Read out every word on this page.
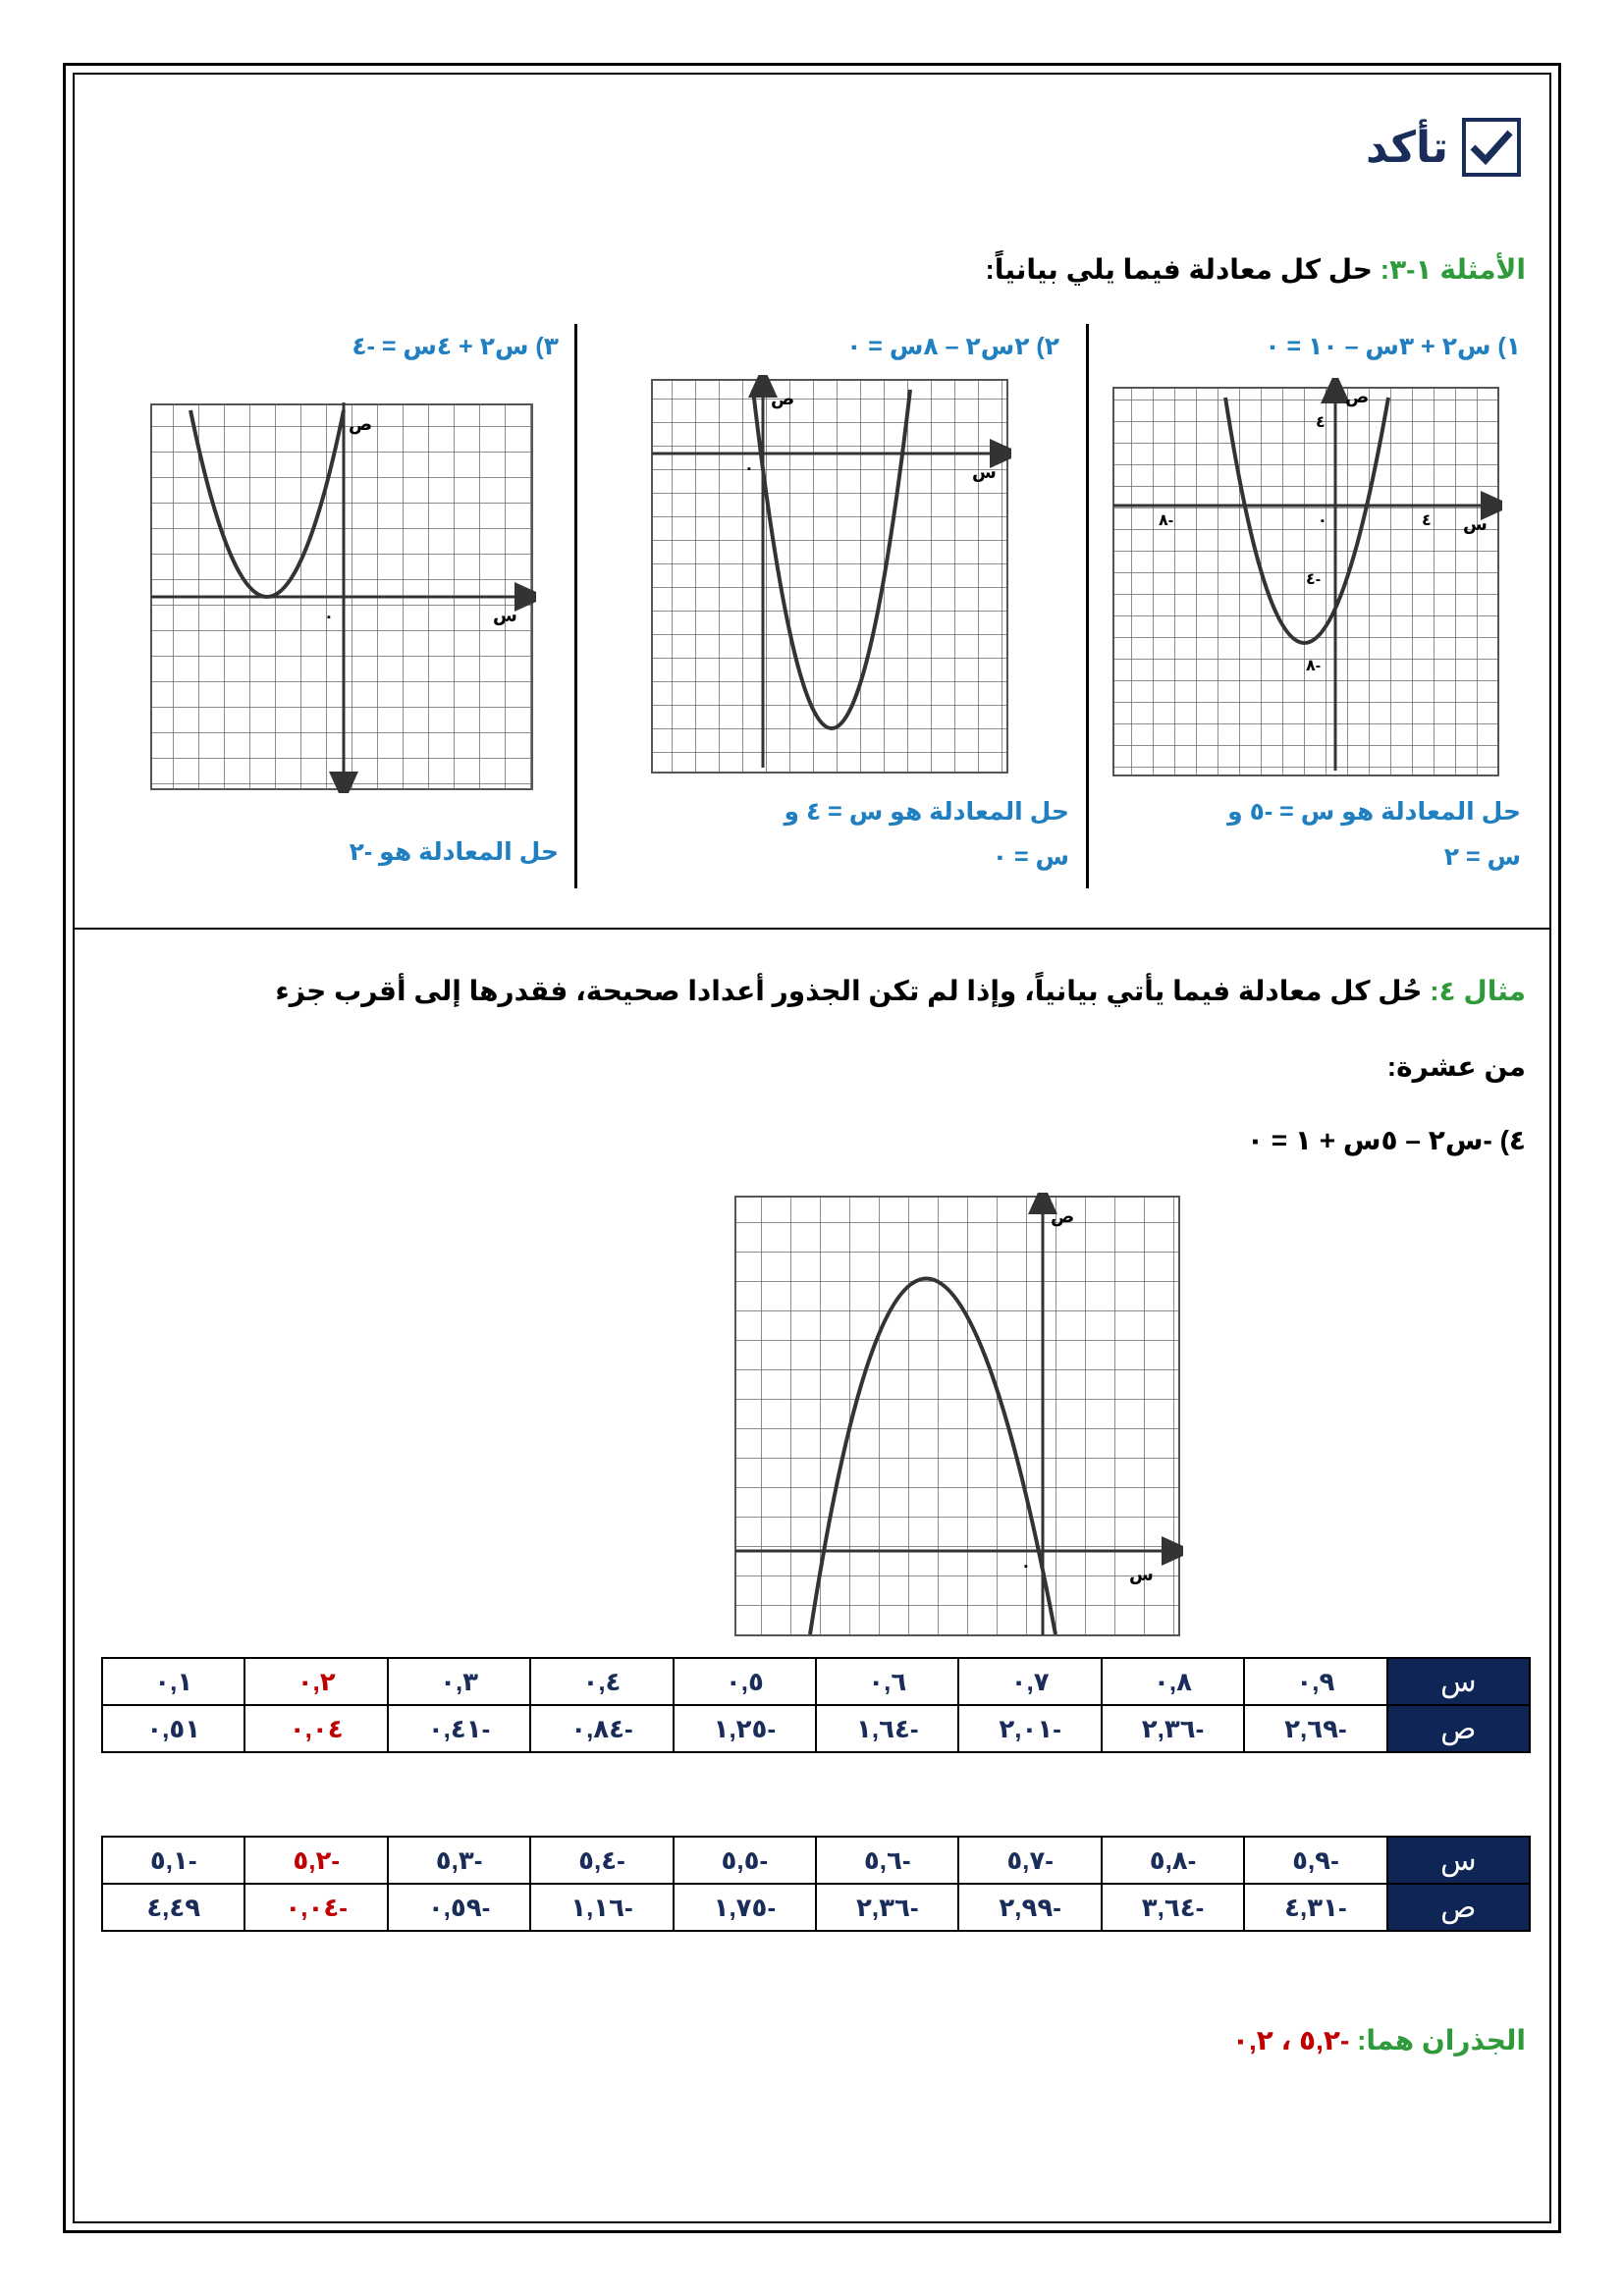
تأكد
الأمثلة ١-٣: حل كل معادلة فيما يلي بيانياً:
١) س٢ + ٣س – ١٠ = ٠
٢) ٢س٢ – ٨س = ٠
٣) س٢ + ٤س = -٤
ص
س
٠
٤
٤
٨-
٤-
٨-
ص
س
٠
ص
س
٠
حل المعادلة هو س = -٥ و
س = ٢
حل المعادلة هو س = ٤ و
س = ٠
حل المعادلة هو -٢
مثال ٤: حُل كل معادلة فيما يأتي بيانياً، وإذا لم تكن الجذور أعدادا صحيحة، فقدرها إلى أقرب جزء
من عشرة:
٤) -س٢ – ٥س + ١ = ٠
ص
س
٠
س	٠,٩	٠,٨	٠,٧	٠,٦	٠,٥	٠,٤	٠,٣	٠,٢	٠,١
ص	-٢,٦٩	-٢,٣٦	-٢,٠١	-١,٦٤	-١,٢٥	-٠,٨٤	-٠,٤١	٠,٠٤	٠,٥١
س	-٥,٩	-٥,٨	-٥,٧	-٥,٦	-٥,٥	-٥,٤	-٥,٣	-٥,٢	-٥,١
ص	-٤,٣١	-٣,٦٤	-٢,٩٩	-٢,٣٦	-١,٧٥	-١,١٦	-٠,٥٩	-٠,٠٤	٤,٤٩
الجذران هما: -٥,٢ ، ٠,٢
